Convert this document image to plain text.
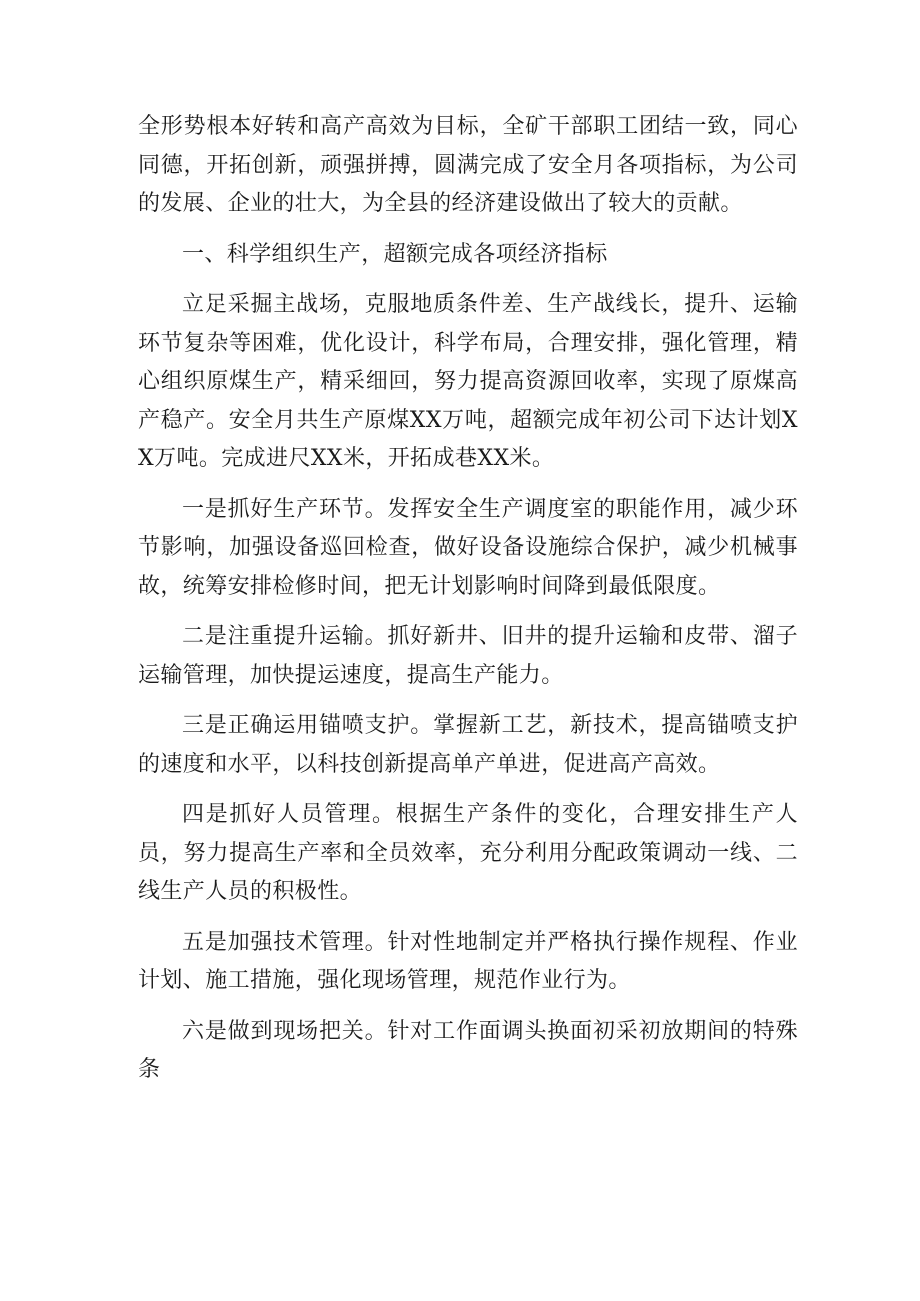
全形势根本好转和高产高效为目标，全矿干部职工团结一致，同心同德，开拓创新，顽强拼搏，圆满完成了安全月各项指标，为公司的发展、企业的壮大，为全县的经济建设做出了较大的贡献。

一、科学组织生产，超额完成各项经济指标

立足采掘主战场，克服地质条件差、生产战线长，提升、运输环节复杂等困难，优化设计，科学布局，合理安排，强化管理，精心组织原煤生产，精采细回，努力提高资源回收率，实现了原煤高产稳产。安全月共生产原煤XX万吨，超额完成年初公司下达计划XX万吨。完成进尺XX米，开拓成巷XX米。

一是抓好生产环节。发挥安全生产调度室的职能作用，减少环节影响，加强设备巡回检查，做好设备设施综合保护，减少机械事故，统筹安排检修时间，把无计划影响时间降到最低限度。

二是注重提升运输。抓好新井、旧井的提升运输和皮带、溜子运输管理，加快提运速度，提高生产能力。

三是正确运用锚喷支护。掌握新工艺，新技术，提高锚喷支护的速度和水平，以科技创新提高单产单进，促进高产高效。

四是抓好人员管理。根据生产条件的变化，合理安排生产人员，努力提高生产率和全员效率，充分利用分配政策调动一线、二线生产人员的积极性。

五是加强技术管理。针对性地制定并严格执行操作规程、作业计划、施工措施，强化现场管理，规范作业行为。

六是做到现场把关。针对工作面调头换面初采初放期间的特殊条
